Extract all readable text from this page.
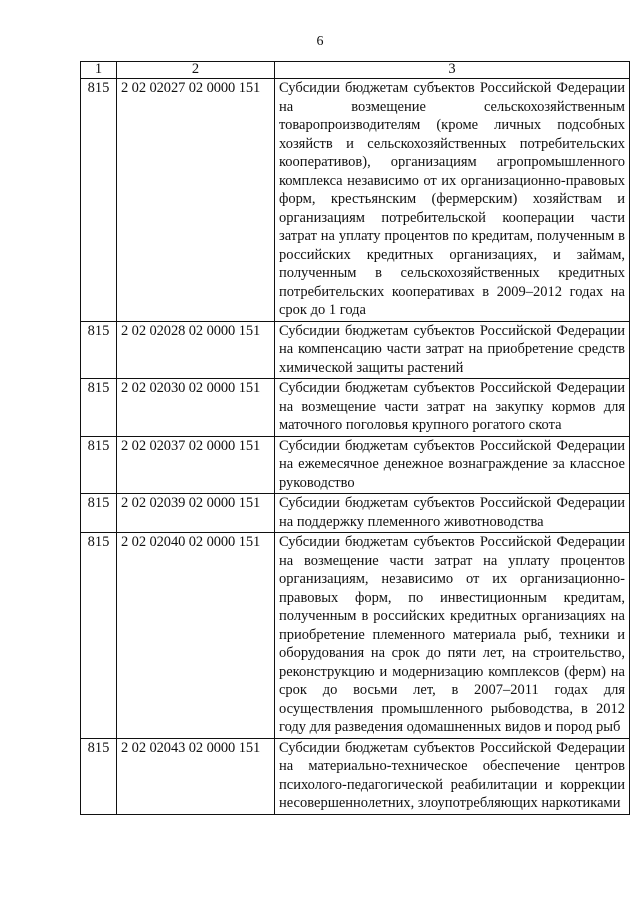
6
1	2	3
815	2 02 02027 02 0000 151	Субсидии бюджетам субъектов Российской Федерации на возмещение сельскохозяйственным товаропроизводителям (кроме личных подсобных хозяйств и сельскохозяйственных потребительских кооперативов), организациям агропромышленного комплекса независимо от их организационно-правовых форм, крестьянским (фермерским) хозяйствам и организациям потребительской кооперации части затрат на уплату процентов по кредитам, полученным в российских кредитных организациях, и займам, полученным в сельскохозяйственных кредитных потребительских кооперативах в 2009–2012 годах на срок до 1 года
815	2 02 02028 02 0000 151	Субсидии бюджетам субъектов Российской Федерации на компенсацию части затрат на приобретение средств химической защиты растений
815	2 02 02030 02 0000 151	Субсидии бюджетам субъектов Российской Федерации на возмещение части затрат на закупку кормов для маточного поголовья крупного рогатого скота
815	2 02 02037 02 0000 151	Субсидии бюджетам субъектов Российской Федерации на ежемесячное денежное вознаграждение за классное руководство
815	2 02 02039 02 0000 151	Субсидии бюджетам субъектов Российской Федерации на поддержку племенного животноводства
815	2 02 02040 02 0000 151	Субсидии бюджетам субъектов Российской Федерации на возмещение части затрат на уплату процентов организациям, независимо от их организационно-правовых форм, по инвестиционным кредитам, полученным в российских кредитных организациях на приобретение племенного материала рыб, техники и оборудования на срок до пяти лет, на строительство, реконструкцию и модернизацию комплексов (ферм) на срок до восьми лет, в 2007–2011 годах для осуществления промышленного рыбоводства, в 2012 году для разведения одомашненных видов и пород рыб
815	2 02 02043 02 0000 151	Субсидии бюджетам субъектов Российской Федерации на материально-техническое обеспечение центров психолого-педагогической реабилитации и коррекции несовершеннолетних, злоупотребляющих наркотиками
